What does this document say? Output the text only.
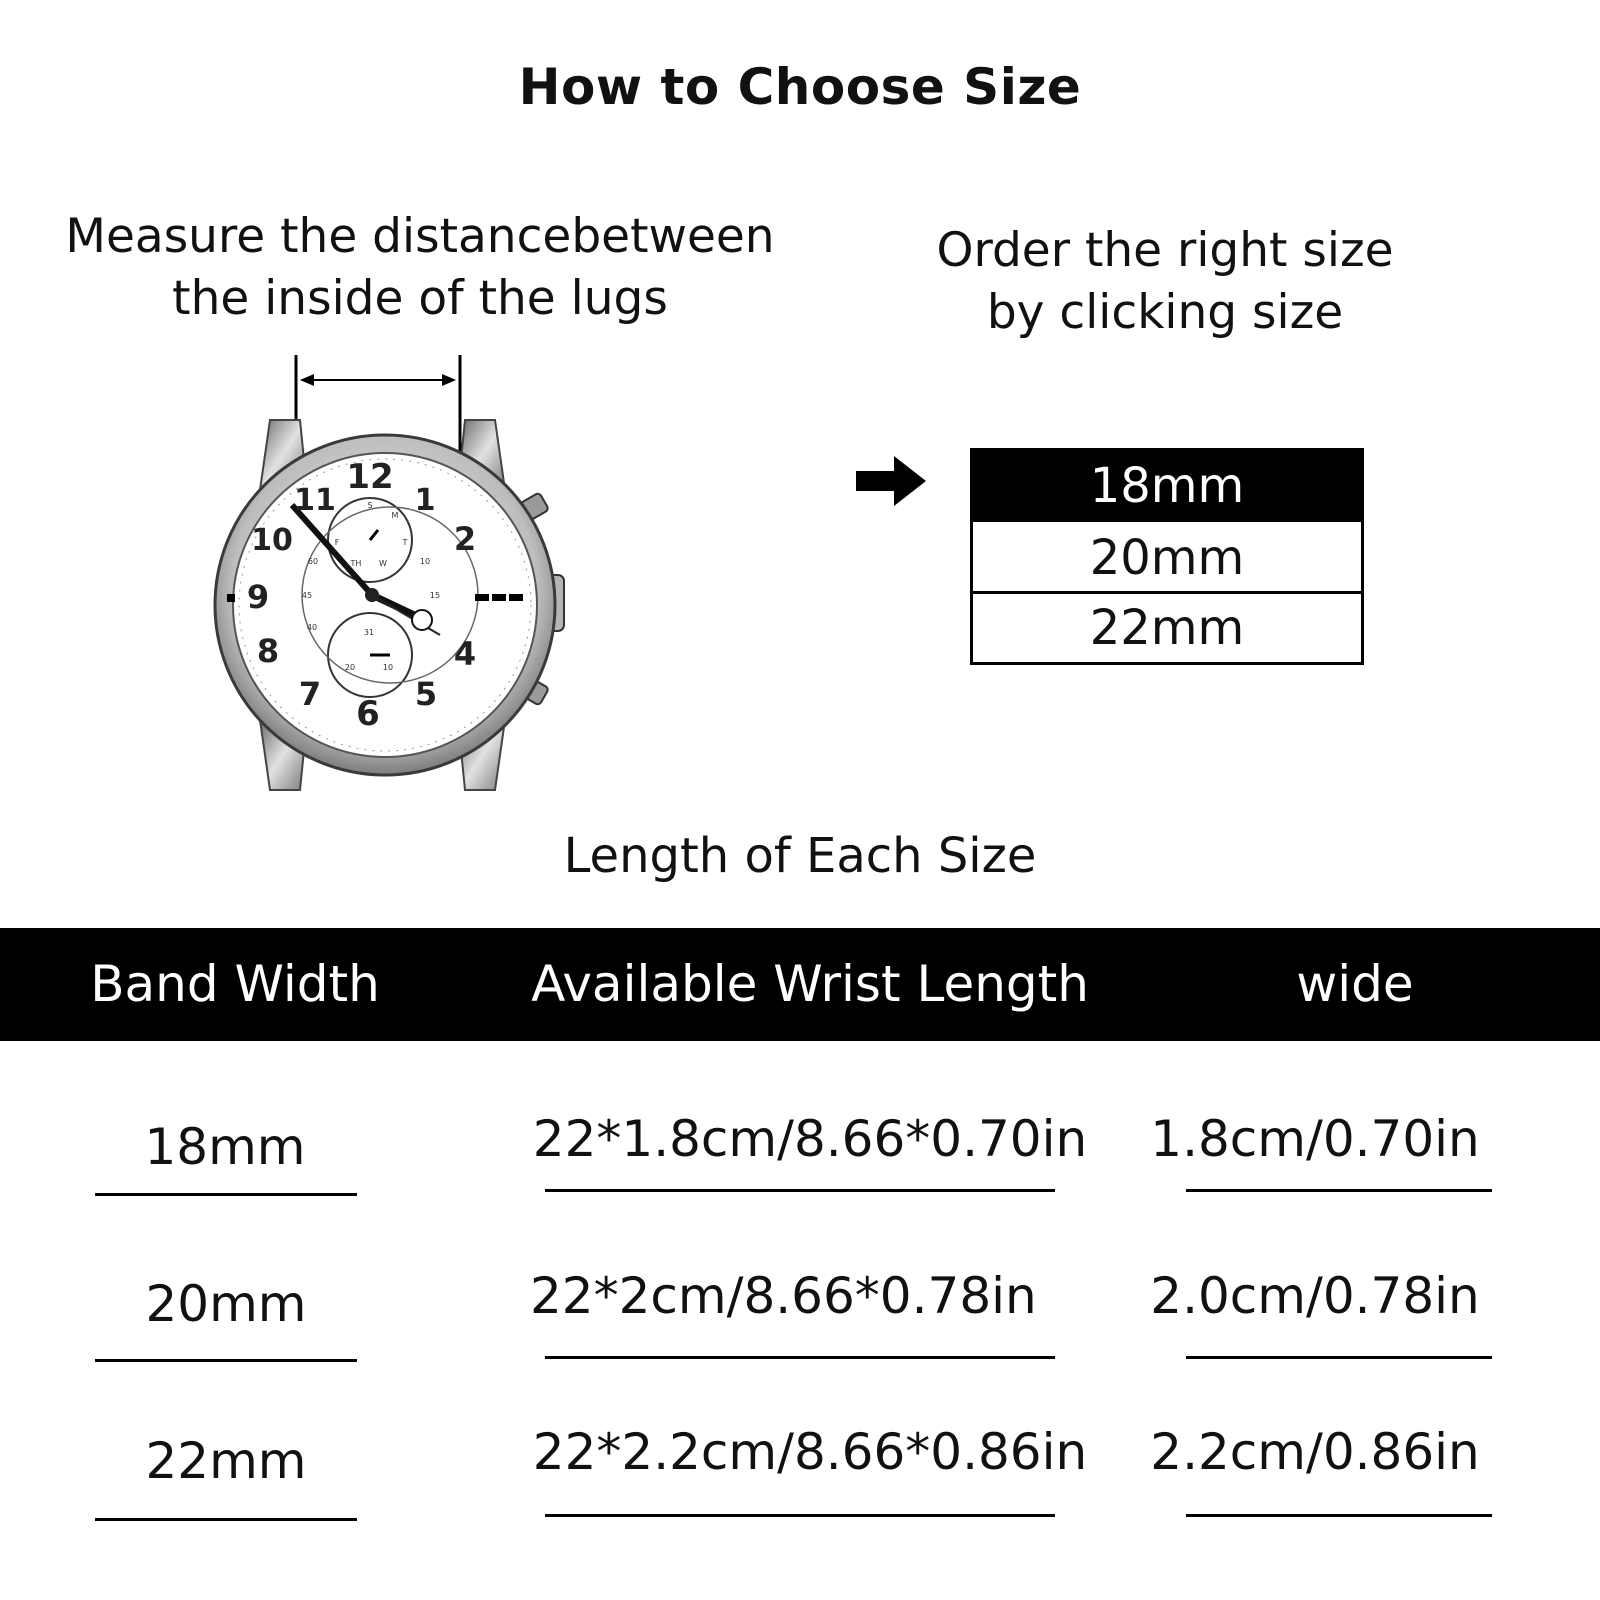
How to Choose Size
Measure the distancebetween
the inside of the lugs
Order the right size
by clicking size
12
1
2
4
5
6
7
8
9
10
11	S
M
T
F
TH W
60	10
45	15
40
31
20	10
18mm
20mm
22mm
Length of Each Size
Band Width	Available Wrist Length	wide
18mm	22*1.8cm/8.66*0.70in 1.8cm/0.70in
20mm	22*2cm/8.66*0.78in 2.0cm/0.78in
22mm	22*2.2cm/8.66*0.86in 2.2cm/0.86in
